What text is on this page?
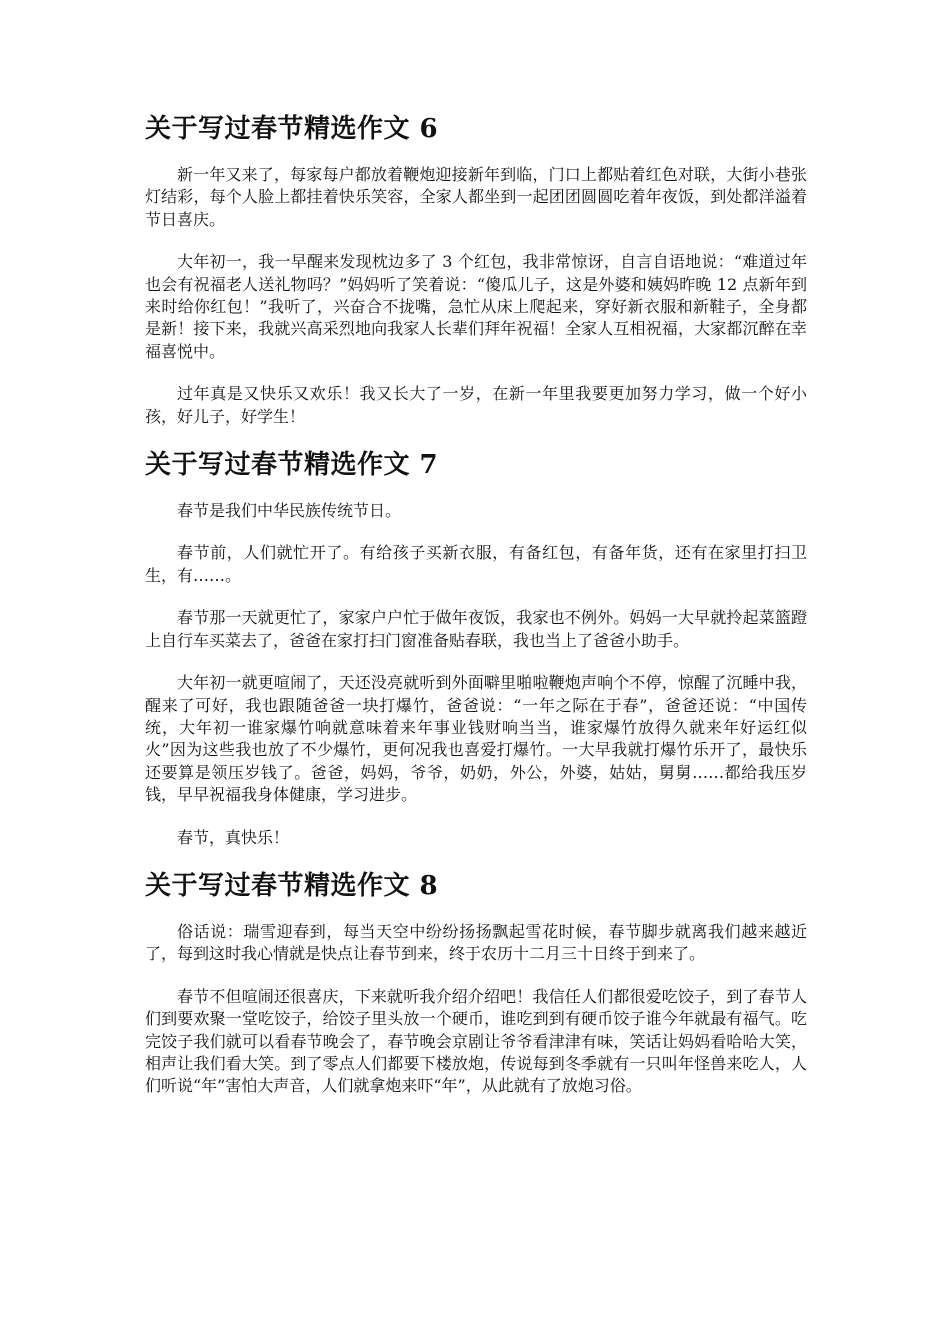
关于写过春节精选作文 6

新一年又来了，每家每户都放着鞭炮迎接新年到临，门口上都贴着红色对联，大街小巷张灯结彩，每个人脸上都挂着快乐笑容，全家人都坐到一起团团圆圆吃着年夜饭，到处都洋溢着节日喜庆。

大年初一，我一早醒来发现枕边多了 3 个红包，我非常惊讶，自言自语地说：“难道过年也会有祝福老人送礼物吗？”妈妈听了笑着说：“傻瓜儿子，这是外婆和姨妈昨晚 12 点新年到来时给你红包！”我听了，兴奋合不拢嘴，急忙从床上爬起来，穿好新衣服和新鞋子，全身都是新！接下来，我就兴高采烈地向我家人长辈们拜年祝福！全家人互相祝福，大家都沉醉在幸福喜悦中。

过年真是又快乐又欢乐！我又长大了一岁，在新一年里我要更加努力学习，做一个好小孩，好儿子，好学生！

关于写过春节精选作文 7

春节是我们中华民族传统节日。

春节前，人们就忙开了。有给孩子买新衣服，有备红包，有备年货，还有在家里打扫卫生，有……。

春节那一天就更忙了，家家户户忙于做年夜饭，我家也不例外。妈妈一大早就拎起菜篮蹬上自行车买菜去了，爸爸在家打扫门窗准备贴春联，我也当上了爸爸小助手。

大年初一就更喧闹了，天还没亮就听到外面噼里啪啦鞭炮声响个不停，惊醒了沉睡中我，醒来了可好，我也跟随爸爸一块打爆竹，爸爸说：“一年之际在于春”，爸爸还说：“中国传统，大年初一谁家爆竹响就意味着来年事业钱财响当当，谁家爆竹放得久就来年好运红似火”因为这些我也放了不少爆竹，更何况我也喜爱打爆竹。一大早我就打爆竹乐开了，最快乐还要算是领压岁钱了。爸爸，妈妈，爷爷，奶奶，外公，外婆，姑姑，舅舅……都给我压岁钱，早早祝福我身体健康，学习进步。

春节，真快乐！

关于写过春节精选作文 8

俗话说：瑞雪迎春到，每当天空中纷纷扬扬飘起雪花时候，春节脚步就离我们越来越近了，每到这时我心情就是快点让春节到来，终于农历十二月三十日终于到来了。

春节不但喧闹还很喜庆，下来就听我介绍介绍吧！我信任人们都很爱吃饺子，到了春节人们到要欢聚一堂吃饺子，给饺子里头放一个硬币，谁吃到到有硬币饺子谁今年就最有福气。吃完饺子我们就可以看春节晚会了，春节晚会京剧让爷爷看津津有味，笑话让妈妈看哈哈大笑，相声让我们看大笑。到了零点人们都要下楼放炮，传说每到冬季就有一只叫年怪兽来吃人，人们听说“年”害怕大声音，人们就拿炮来吓“年”，从此就有了放炮习俗。
